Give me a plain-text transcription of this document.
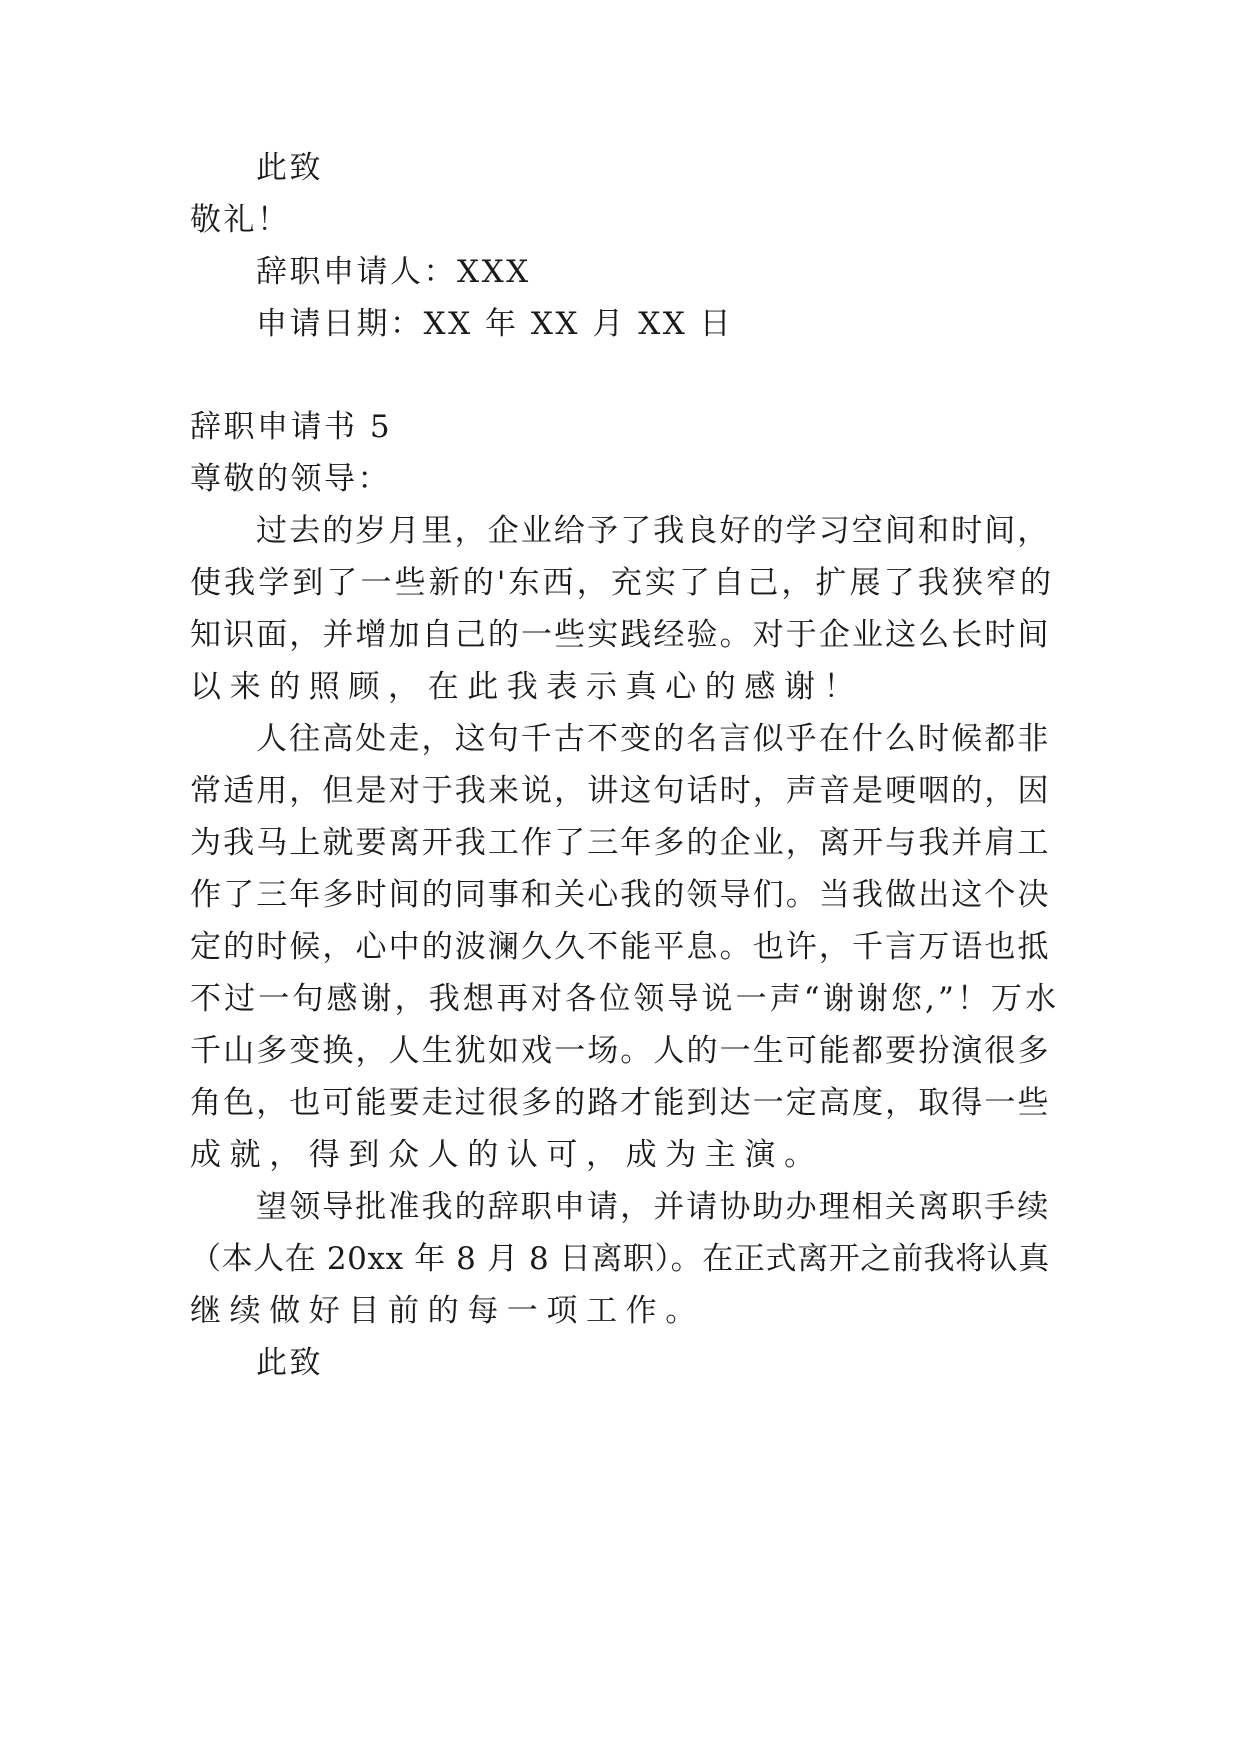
此致
敬礼！
辞职申请人：XXX
申请日期：XX 年 XX 月 XX 日
辞职申请书 5
尊敬的领导：
过去的岁月里，企业给予了我良好的学习空间和时间，
使我学到了一些新的'东西，充实了自己，扩展了我狭窄的
知识面，并增加自己的一些实践经验。对于企业这么长时间
以来的照顾，在此我表示真心的感谢！
人往高处走，这句千古不变的名言似乎在什么时候都非
常适用，但是对于我来说，讲这句话时，声音是哽咽的，因
为我马上就要离开我工作了三年多的企业，离开与我并肩工
作了三年多时间的同事和关心我的领导们。当我做出这个决
定的时候，心中的波澜久久不能平息。也许，千言万语也抵
不过一句感谢，我想再对各位领导说一声“谢谢您,”！万水
千山多变换，人生犹如戏一场。人的一生可能都要扮演很多
角色，也可能要走过很多的路才能到达一定高度，取得一些
成就，得到众人的认可，成为主演。
望领导批准我的辞职申请，并请协助办理相关离职手续
（本人在 20xx 年 8 月 8 日离职）。在正式离开之前我将认真
继续做好目前的每一项工作。
此致
